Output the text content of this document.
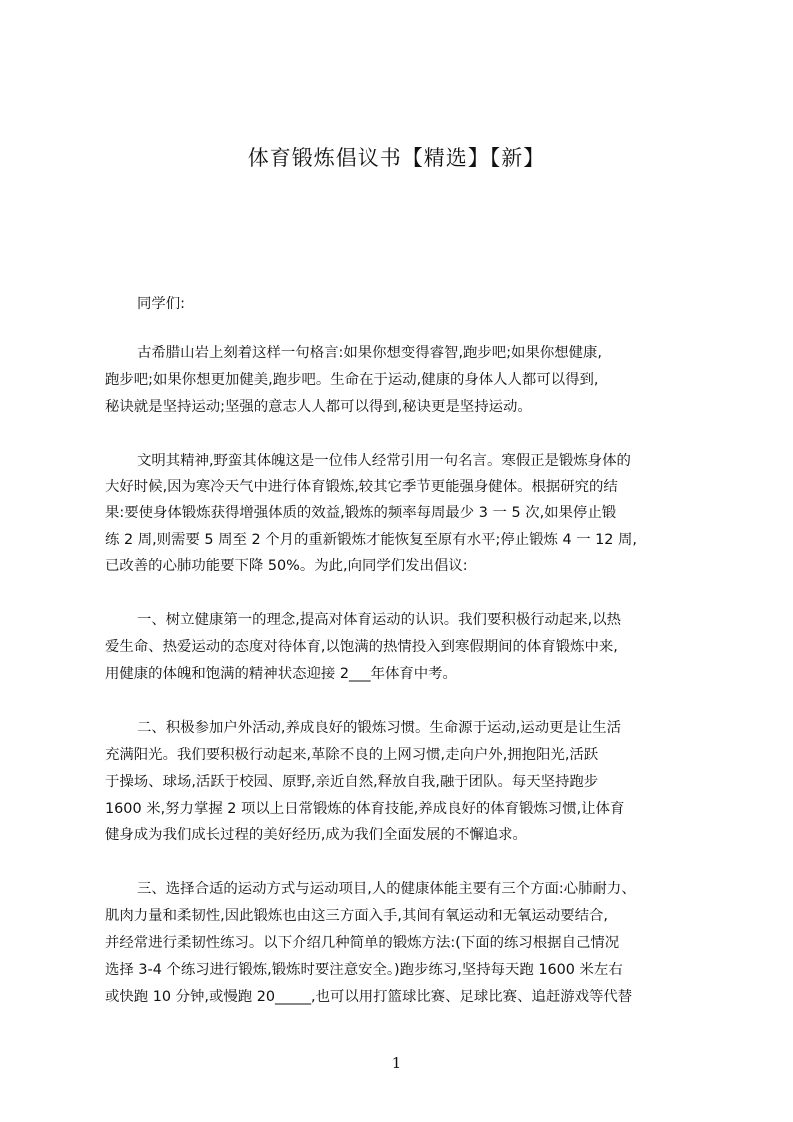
体育锻炼倡议书【精选】【新】
同学们:
古希腊山岩上刻着这样一句格言:如果你想变得睿智,跑步吧;如果你想健康,
跑步吧;如果你想更加健美,跑步吧。生命在于运动,健康的身体人人都可以得到,
秘诀就是坚持运动;坚强的意志人人都可以得到,秘诀更是坚持运动。
文明其精神,野蛮其体魄这是一位伟人经常引用一句名言。寒假正是锻炼身体的
大好时候,因为寒冷天气中进行体育锻炼,较其它季节更能强身健体。根据研究的结
果:要使身体锻炼获得增强体质的效益,锻炼的频率每周最少 3 一 5 次,如果停止锻
练 2 周,则需要 5 周至 2 个月的重新锻炼才能恢复至原有水平;停止锻炼 4 一 12 周,
已改善的心肺功能要下降 50%。为此,向同学们发出倡议:
一、树立健康第一的理念,提高对体育运动的认识。我们要积极行动起来,以热
爱生命、热爱运动的态度对待体育,以饱满的热情投入到寒假期间的体育锻炼中来,
用健康的体魄和饱满的精神状态迎接 2___年体育中考。
二、积极参加户外活动,养成良好的锻炼习惯。生命源于运动,运动更是让生活
充满阳光。我们要积极行动起来,革除不良的上网习惯,走向户外,拥抱阳光,活跃
于操场、球场,活跃于校园、原野,亲近自然,释放自我,融于团队。每天坚持跑步
1600 米,努力掌握 2 项以上日常锻炼的体育技能,养成良好的体育锻炼习惯,让体育
健身成为我们成长过程的美好经历,成为我们全面发展的不懈追求。
三、选择合适的运动方式与运动项目,人的健康体能主要有三个方面:心肺耐力、
肌肉力量和柔韧性,因此锻炼也由这三方面入手,其间有氧运动和无氧运动要结合,
并经常进行柔韧性练习。以下介绍几种简单的锻炼方法:(下面的练习根据自己情况
选择 3-4 个练习进行锻炼,锻炼时要注意安全。)跑步练习,坚持每天跑 1600 米左右
或快跑 10 分钟,或慢跑 20_____,也可以用打篮球比赛、足球比赛、追赶游戏等代替
1
